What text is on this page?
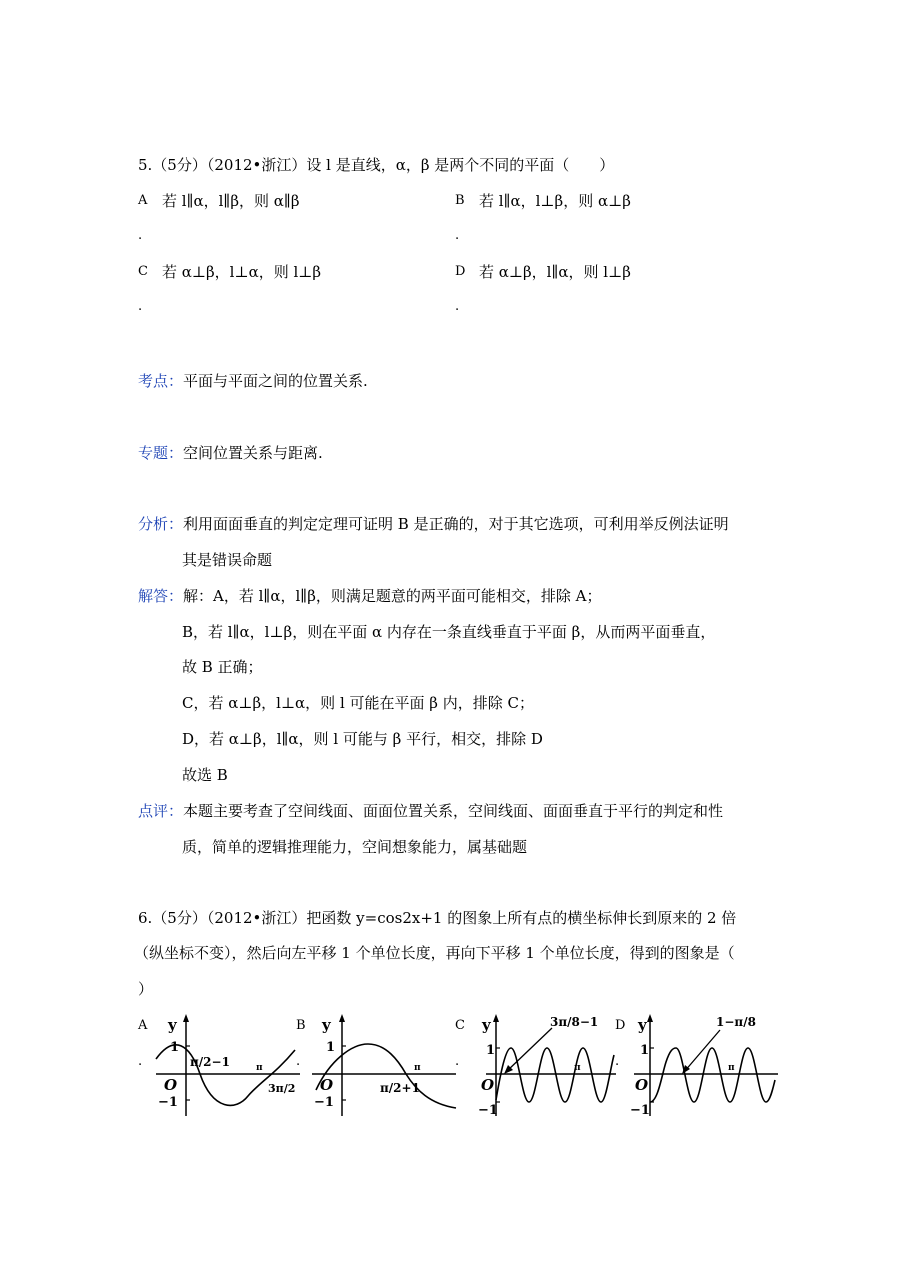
5.（5分）（2012•浙江）设 l 是直线，α，β 是两个不同的平面（　　）
A 若 l∥α，l∥β，则 α∥β
.
B 若 l∥α，l⊥β，则 α⊥β
.
C 若 α⊥β，l⊥α，则 l⊥β
.
D 若 α⊥β，l∥α，则 l⊥β
.
考点：平面与平面之间的位置关系.
专题：空间位置关系与距离.
分析：利用面面垂直的判定定理可证明 B 是正确的，对于其它选项，可利用举反例法证明
其是错误命题
解答：解：A，若 l∥α，l∥β，则满足题意的两平面可能相交，排除 A；
B，若 l∥α，l⊥β，则在平面 α 内存在一条直线垂直于平面 β，从而两平面垂直，
故 B 正确；
C，若 α⊥β，l⊥α，则 l 可能在平面 β 内，排除 C；
D，若 α⊥β，l∥α，则 l 可能与 β 平行，相交，排除 D
故选 B
点评：本题主要考查了空间线面、面面位置关系，空间线面、面面垂直于平行的判定和性
质，简单的逻辑推理能力，空间想象能力，属基础题
6.（5分）（2012•浙江）把函数 y=cos2x+1 的图象上所有点的横坐标伸长到原来的 2 倍
（纵坐标不变），然后向左平移 1 个单位长度，再向下平移 1 个单位长度，得到的图象是（
）
A
.
y
1
−1
O
π
π/2−1
3π/2
B
.
y
1
−1
O
π
π/2+1
C
.
y
1
−1
O
π
3π/8−1 D
.
y
1
−1
O
π
1−π/8
